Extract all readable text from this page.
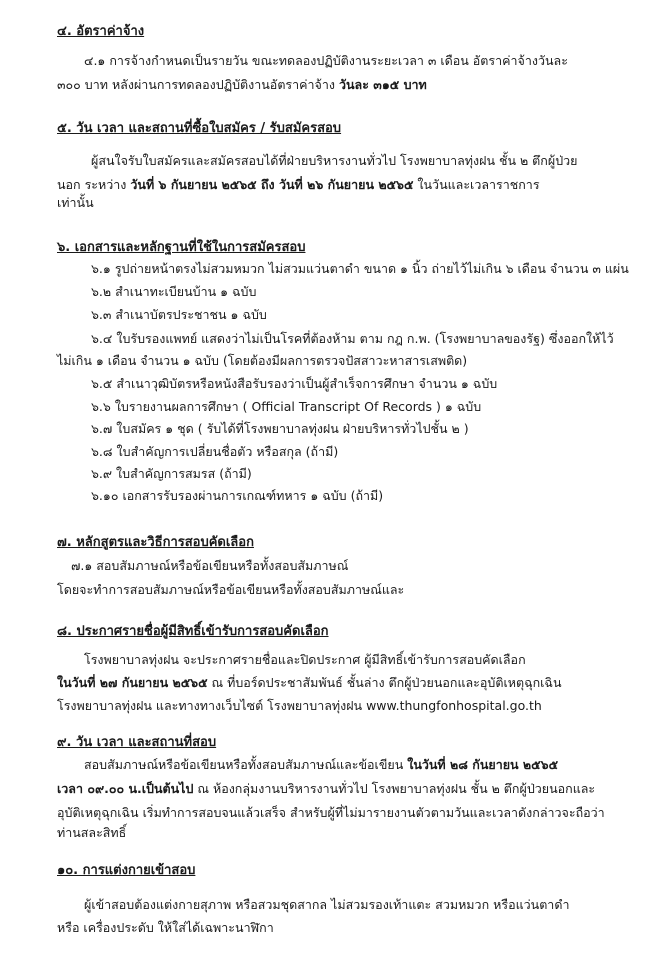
๔. อัตราค่าจ้าง
๔.๑ การจ้างกำหนดเป็นรายวัน ขณะทดลองปฏิบัติงานระยะเวลา ๓ เดือน อัตราค่าจ้างวันละ
๓๐๐ บาท หลังผ่านการทดลองปฏิบัติงานอัตราค่าจ้าง วันละ ๓๑๕ บาท
๕. วัน เวลา และสถานที่ซื้อใบสมัคร / รับสมัครสอบ
ผู้สนใจรับใบสมัครและสมัครสอบได้ที่ฝ่ายบริหารงานทั่วไป โรงพยาบาลทุ่งฝน ชั้น ๒ ตึกผู้ป่วย
นอก ระหว่าง วันที่ ๖ กันยายน ๒๕๖๕ ถึง วันที่ ๒๖ กันยายน ๒๕๖๕ ในวันและเวลาราชการ
เท่านั้น
๖. เอกสารและหลักฐานที่ใช้ในการสมัครสอบ
๖.๑ รูปถ่ายหน้าตรงไม่สวมหมวก ไม่สวมแว่นตาดำ ขนาด ๑ นิ้ว ถ่ายไว้ไม่เกิน ๖ เดือน จำนวน ๓ แผ่น
๖.๒ สำเนาทะเบียนบ้าน ๑ ฉบับ
๖.๓ สำเนาบัตรประชาชน ๑ ฉบับ
๖.๔ ใบรับรองแพทย์ แสดงว่าไม่เป็นโรคที่ต้องห้าม ตาม กฎ ก.พ. (โรงพยาบาลของรัฐ) ซึ่งออกให้ไว้
ไม่เกิน ๑ เดือน จำนวน ๑ ฉบับ (โดยต้องมีผลการตรวจปัสสาวะหาสารเสพติด)
๖.๕ สำเนาวุฒิบัตรหรือหนังสือรับรองว่าเป็นผู้สำเร็จการศึกษา จำนวน ๑ ฉบับ
๖.๖ ใบรายงานผลการศึกษา ( Official Transcript Of Records ) ๑ ฉบับ
๖.๗ ใบสมัคร ๑ ชุด ( รับได้ที่โรงพยาบาลทุ่งฝน ฝ่ายบริหารทั่วไปชั้น ๒ )
๖.๘ ใบสำคัญการเปลี่ยนชื่อตัว หรือสกุล (ถ้ามี)
๖.๙ ใบสำคัญการสมรส (ถ้ามี)
๖.๑๐ เอกสารรับรองผ่านการเกณฑ์ทหาร ๑ ฉบับ (ถ้ามี)
๗. หลักสูตรและวิธีการสอบคัดเลือก
๗.๑ สอบสัมภาษณ์หรือข้อเขียนหรือทั้งสอบสัมภาษณ์
โดยจะทำการสอบสัมภาษณ์หรือข้อเขียนหรือทั้งสอบสัมภาษณ์และ
๘. ประกาศรายชื่อผู้มีสิทธิ์เข้ารับการสอบคัดเลือก
โรงพยาบาลทุ่งฝน จะประกาศรายชื่อและปิดประกาศ ผู้มีสิทธิ์เข้ารับการสอบคัดเลือก
ในวันที่ ๒๗ กันยายน ๒๕๖๕ ณ ที่บอร์ดประชาสัมพันธ์ ชั้นล่าง ตึกผู้ป่วยนอกและอุบัติเหตุฉุกเฉิน
โรงพยาบาลทุ่งฝน และทางทางเว็บไซต์ โรงพยาบาลทุ่งฝน www.thungfonhospital.go.th
๙. วัน เวลา และสถานที่สอบ
สอบสัมภาษณ์หรือข้อเขียนหรือทั้งสอบสัมภาษณ์และข้อเขียน ในวันที่ ๒๘ กันยายน ๒๕๖๕
เวลา ๐๙.๐๐ น.เป็นต้นไป ณ ห้องกลุ่มงานบริหารงานทั่วไป โรงพยาบาลทุ่งฝน ชั้น ๒ ตึกผู้ป่วยนอกและ
อุบัติเหตุฉุกเฉิน เริ่มทำการสอบจนแล้วเสร็จ สำหรับผู้ที่ไม่มารายงานตัวตามวันและเวลาดังกล่าวจะถือว่า
ท่านสละสิทธิ์
๑๐. การแต่งกายเข้าสอบ
ผู้เข้าสอบต้องแต่งกายสุภาพ หรือสวมชุดสากล ไม่สวมรองเท้าแตะ สวมหมวก หรือแว่นตาดำ
หรือ เครื่องประดับ ให้ใส่ได้เฉพาะนาฬิกา
